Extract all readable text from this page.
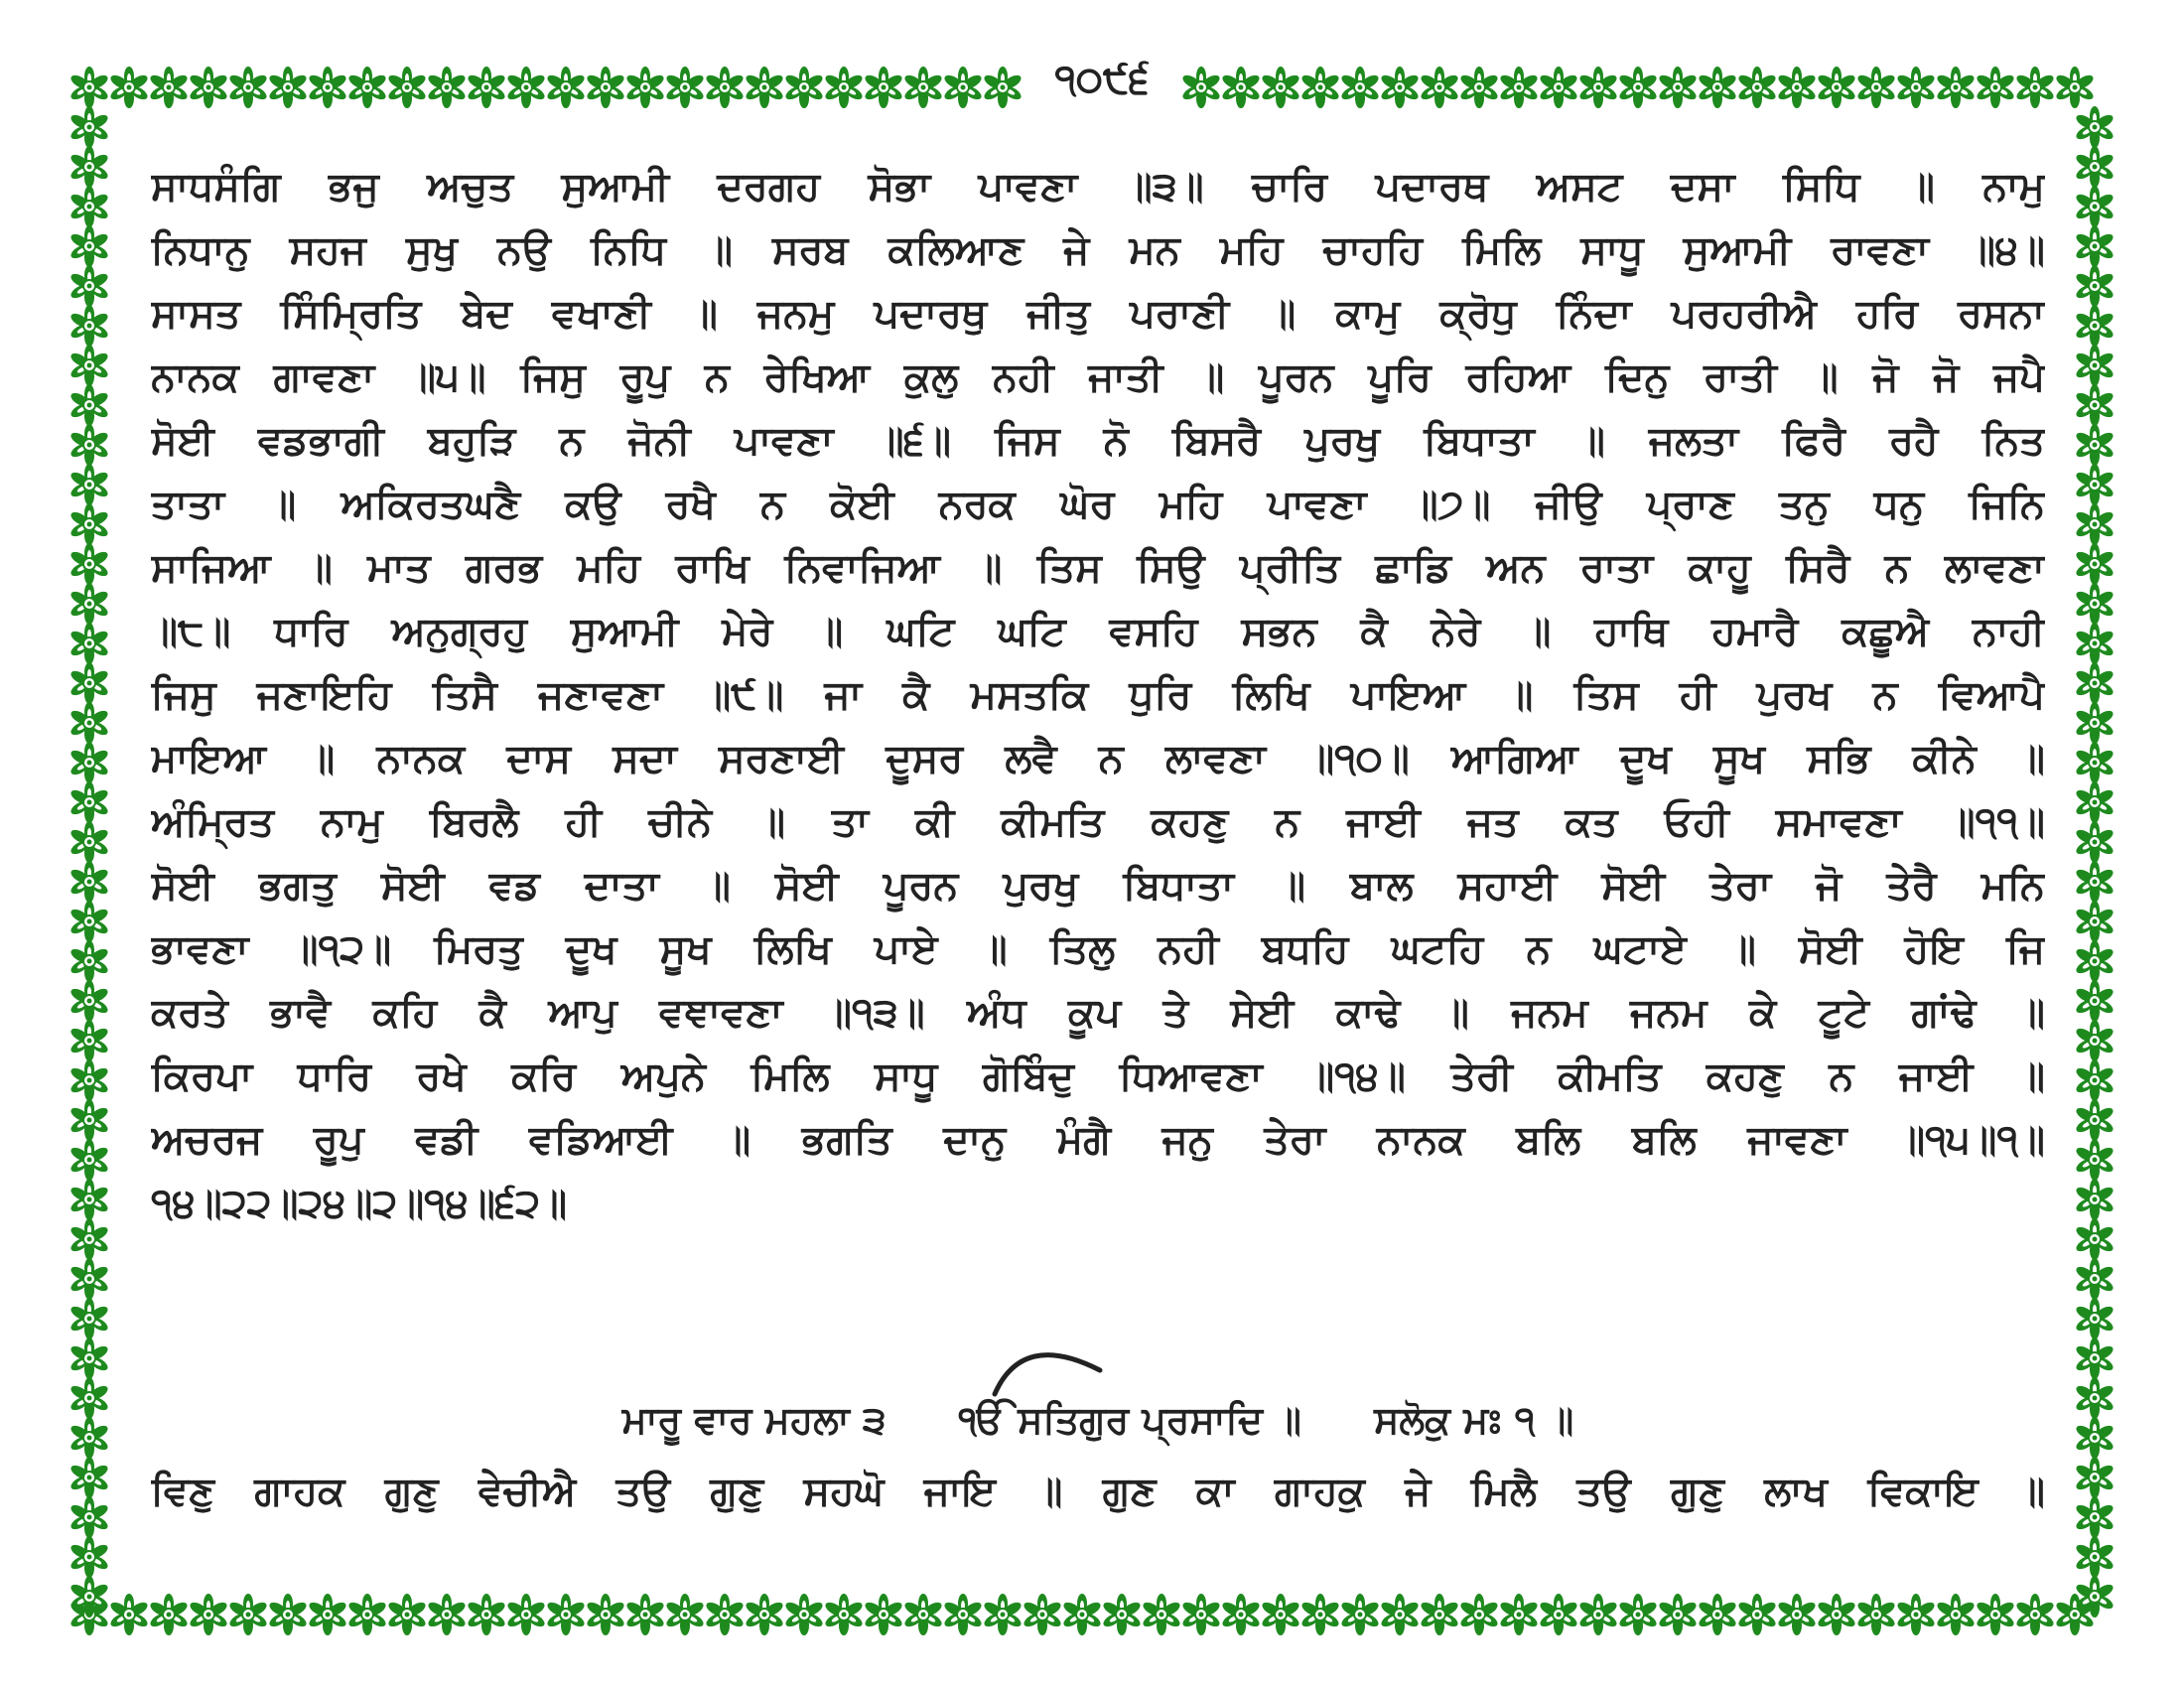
੧੦੯੬
ਸਾਧਸੰਗਿ ਭਜੁ ਅਚੁਤ ਸੁਆਮੀ ਦਰਗਹ ਸੋਭਾ ਪਾਵਣਾ ॥੩॥ ਚਾਰਿ ਪਦਾਰਥ ਅਸਟ ਦਸਾ ਸਿਧਿ ॥ ਨਾਮੁ
ਨਿਧਾਨੁ ਸਹਜ ਸੁਖੁ ਨਉ ਨਿਧਿ ॥ ਸਰਬ ਕਲਿਆਣ ਜੇ ਮਨ ਮਹਿ ਚਾਹਹਿ ਮਿਲਿ ਸਾਧੂ ਸੁਆਮੀ ਰਾਵਣਾ ॥੪॥
ਸਾਸਤ ਸਿੰਮ੍ਰਿਤਿ ਬੇਦ ਵਖਾਣੀ ॥ ਜਨਮੁ ਪਦਾਰਥੁ ਜੀਤੁ ਪਰਾਣੀ ॥ ਕਾਮੁ ਕ੍ਰੋਧੁ ਨਿੰਦਾ ਪਰਹਰੀਐ ਹਰਿ ਰਸਨਾ
ਨਾਨਕ ਗਾਵਣਾ ॥੫॥ ਜਿਸੁ ਰੂਪੁ ਨ ਰੇਖਿਆ ਕੁਲੁ ਨਹੀ ਜਾਤੀ ॥ ਪੂਰਨ ਪੂਰਿ ਰਹਿਆ ਦਿਨੁ ਰਾਤੀ ॥ ਜੋ ਜੋ ਜਪੈ
ਸੋਈ ਵਡਭਾਗੀ ਬਹੁੜਿ ਨ ਜੋਨੀ ਪਾਵਣਾ ॥੬॥ ਜਿਸ ਨੋ ਬਿਸਰੈ ਪੁਰਖੁ ਬਿਧਾਤਾ ॥ ਜਲਤਾ ਫਿਰੈ ਰਹੈ ਨਿਤ
ਤਾਤਾ ॥ ਅਕਿਰਤਘਣੈ ਕਉ ਰਖੈ ਨ ਕੋਈ ਨਰਕ ਘੋਰ ਮਹਿ ਪਾਵਣਾ ॥੭॥ ਜੀਉ ਪ੍ਰਾਣ ਤਨੁ ਧਨੁ ਜਿਨਿ
ਸਾਜਿਆ ॥ ਮਾਤ ਗਰਭ ਮਹਿ ਰਾਖਿ ਨਿਵਾਜਿਆ ॥ ਤਿਸ ਸਿਉ ਪ੍ਰੀਤਿ ਛਾਡਿ ਅਨ ਰਾਤਾ ਕਾਹੂ ਸਿਰੈ ਨ ਲਾਵਣਾ
॥੮॥ ਧਾਰਿ ਅਨੁਗ੍ਰਹੁ ਸੁਆਮੀ ਮੇਰੇ ॥ ਘਟਿ ਘਟਿ ਵਸਹਿ ਸਭਨ ਕੈ ਨੇਰੇ ॥ ਹਾਥਿ ਹਮਾਰੈ ਕਛੂਐ ਨਾਹੀ
ਜਿਸੁ ਜਣਾਇਹਿ ਤਿਸੈ ਜਣਾਵਣਾ ॥੯॥ ਜਾ ਕੈ ਮਸਤਕਿ ਧੁਰਿ ਲਿਖਿ ਪਾਇਆ ॥ ਤਿਸ ਹੀ ਪੁਰਖ ਨ ਵਿਆਪੈ
ਮਾਇਆ ॥ ਨਾਨਕ ਦਾਸ ਸਦਾ ਸਰਣਾਈ ਦੂਸਰ ਲਵੈ ਨ ਲਾਵਣਾ ॥੧੦॥ ਆਗਿਆ ਦੂਖ ਸੂਖ ਸਭਿ ਕੀਨੇ ॥
ਅੰਮ੍ਰਿਤ ਨਾਮੁ ਬਿਰਲੈ ਹੀ ਚੀਨੇ ॥ ਤਾ ਕੀ ਕੀਮਤਿ ਕਹਣੁ ਨ ਜਾਈ ਜਤ ਕਤ ਓਹੀ ਸਮਾਵਣਾ ॥੧੧॥
ਸੋਈ ਭਗਤੁ ਸੋਈ ਵਡ ਦਾਤਾ ॥ ਸੋਈ ਪੂਰਨ ਪੁਰਖੁ ਬਿਧਾਤਾ ॥ ਬਾਲ ਸਹਾਈ ਸੋਈ ਤੇਰਾ ਜੋ ਤੇਰੈ ਮਨਿ
ਭਾਵਣਾ ॥੧੨॥ ਮਿਰਤੁ ਦੂਖ ਸੂਖ ਲਿਖਿ ਪਾਏ ॥ ਤਿਲੁ ਨਹੀ ਬਧਹਿ ਘਟਹਿ ਨ ਘਟਾਏ ॥ ਸੋਈ ਹੋਇ ਜਿ
ਕਰਤੇ ਭਾਵੈ ਕਹਿ ਕੈ ਆਪੁ ਵਞਾਵਣਾ ॥੧੩॥ ਅੰਧ ਕੂਪ ਤੇ ਸੇਈ ਕਾਢੇ ॥ ਜਨਮ ਜਨਮ ਕੇ ਟੂਟੇ ਗਾਂਢੇ ॥
ਕਿਰਪਾ ਧਾਰਿ ਰਖੇ ਕਰਿ ਅਪੁਨੇ ਮਿਲਿ ਸਾਧੂ ਗੋਬਿੰਦੁ ਧਿਆਵਣਾ ॥੧੪॥ ਤੇਰੀ ਕੀਮਤਿ ਕਹਣੁ ਨ ਜਾਈ ॥
ਅਚਰਜ ਰੂਪੁ ਵਡੀ ਵਡਿਆਈ ॥ ਭਗਤਿ ਦਾਨੁ ਮੰਗੈ ਜਨੁ ਤੇਰਾ ਨਾਨਕ ਬਲਿ ਬਲਿ ਜਾਵਣਾ ॥੧੫॥੧॥
੧੪॥੨੨॥੨੪॥੨॥੧੪॥੬੨॥
ਮਾਰੂ ਵਾਰ ਮਹਲਾ ੩ ੴ ਸਤਿਗੁਰ ਪ੍ਰਸਾਦਿ ॥ ਸਲੋਕੁ ਮਃ ੧ ॥
ਵਿਣੁ ਗਾਹਕ ਗੁਣੁ ਵੇਚੀਐ ਤਉ ਗੁਣੁ ਸਹਘੋ ਜਾਇ ॥ ਗੁਣ ਕਾ ਗਾਹਕੁ ਜੇ ਮਿਲੈ ਤਉ ਗੁਣੁ ਲਾਖ ਵਿਕਾਇ ॥
